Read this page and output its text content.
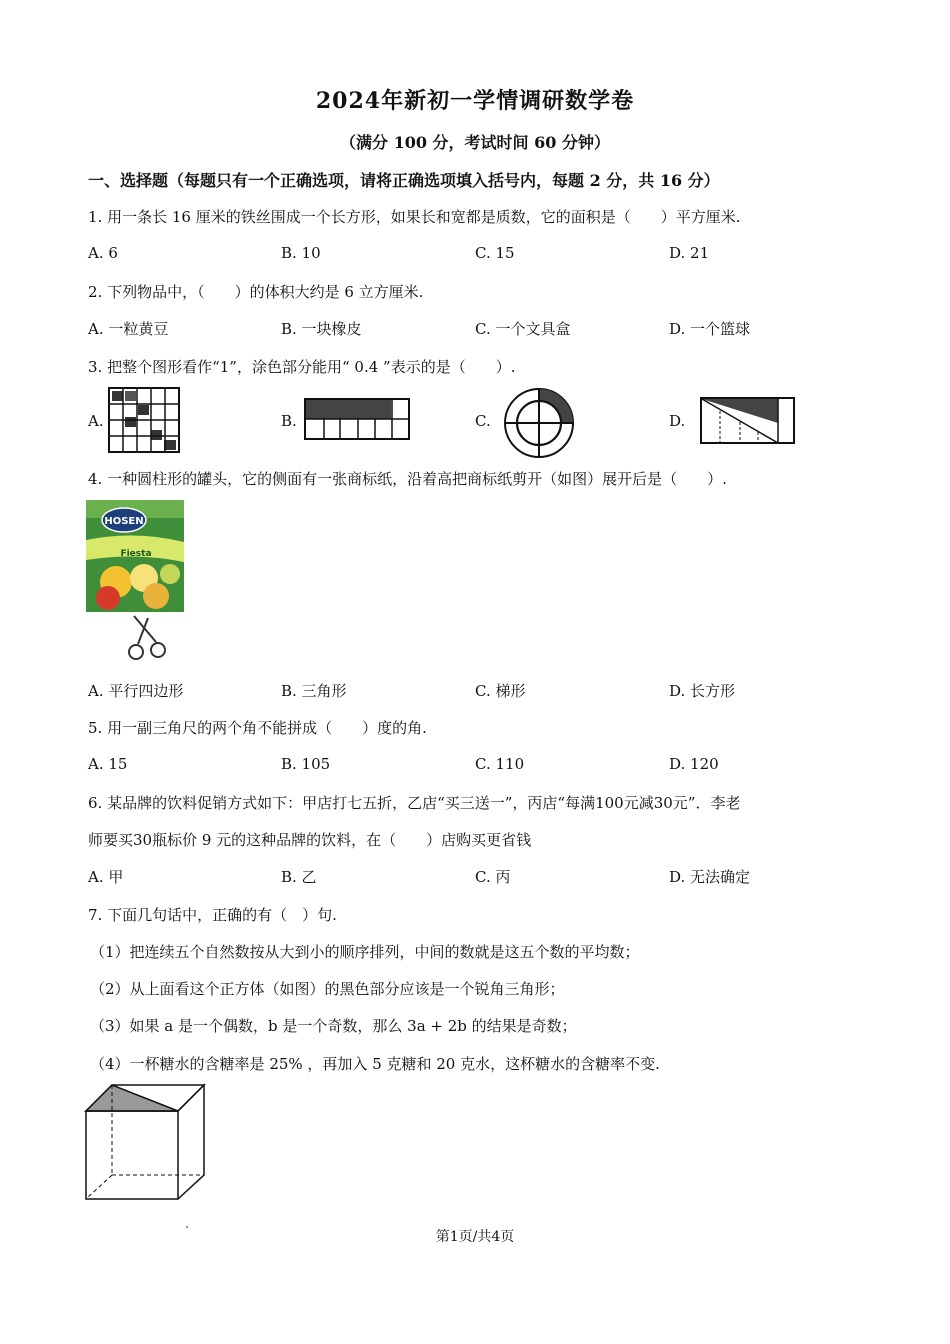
2024年新初一学情调研数学卷
（满分 100 分，考试时间 60 分钟）
一、选择题（每题只有一个正确选项，请将正确选项填入括号内，每题 2 分，共 16 分）
1. 用一条长 16 厘米的铁丝围成一个长方形，如果长和宽都是质数，它的面积是（　　）平方厘米.
A. 6	B. 10	C. 15	D. 21
2. 下列物品中，（　　）的体积大约是 6 立方厘米.
A. 一粒黄豆	B. 一块橡皮	C. 一个文具盒	D. 一个篮球
3. 把整个图形看作“1”，涂色部分能用“ 0.4 ”表示的是（　　）.
A.	B.	C.	D.
4. 一种圆柱形的罐头，它的侧面有一张商标纸，沿着高把商标纸剪开（如图）展开后是（　　）.
HOSEN
Fiesta
A. 平行四边形	B. 三角形	C. 梯形	D. 长方形
5. 用一副三角尺的两个角不能拼成（　　）度的角.
A. 15	B. 105	C. 110	D. 120
6. 某品牌的饮料促销方式如下：甲店打七五折，乙店“买三送一”，丙店“每满100元减30元”．李老
师要买30瓶标价 9 元的这种品牌的饮料，在（　　）店购买更省钱
A. 甲	B. 乙	C. 丙	D. 无法确定
7. 下面几句话中，正确的有（　）句.
（1）把连续五个自然数按从大到小的顺序排列，中间的数就是这五个数的平均数；
（2）从上面看这个正方体（如图）的黑色部分应该是一个锐角三角形；
（3）如果 a 是一个偶数，b 是一个奇数，那么 3a + 2b 的结果是奇数；
（4）一杯糖水的含糖率是 25% ，再加入 5 克糖和 20 克水，这杯糖水的含糖率不变.
第1页/共4页
